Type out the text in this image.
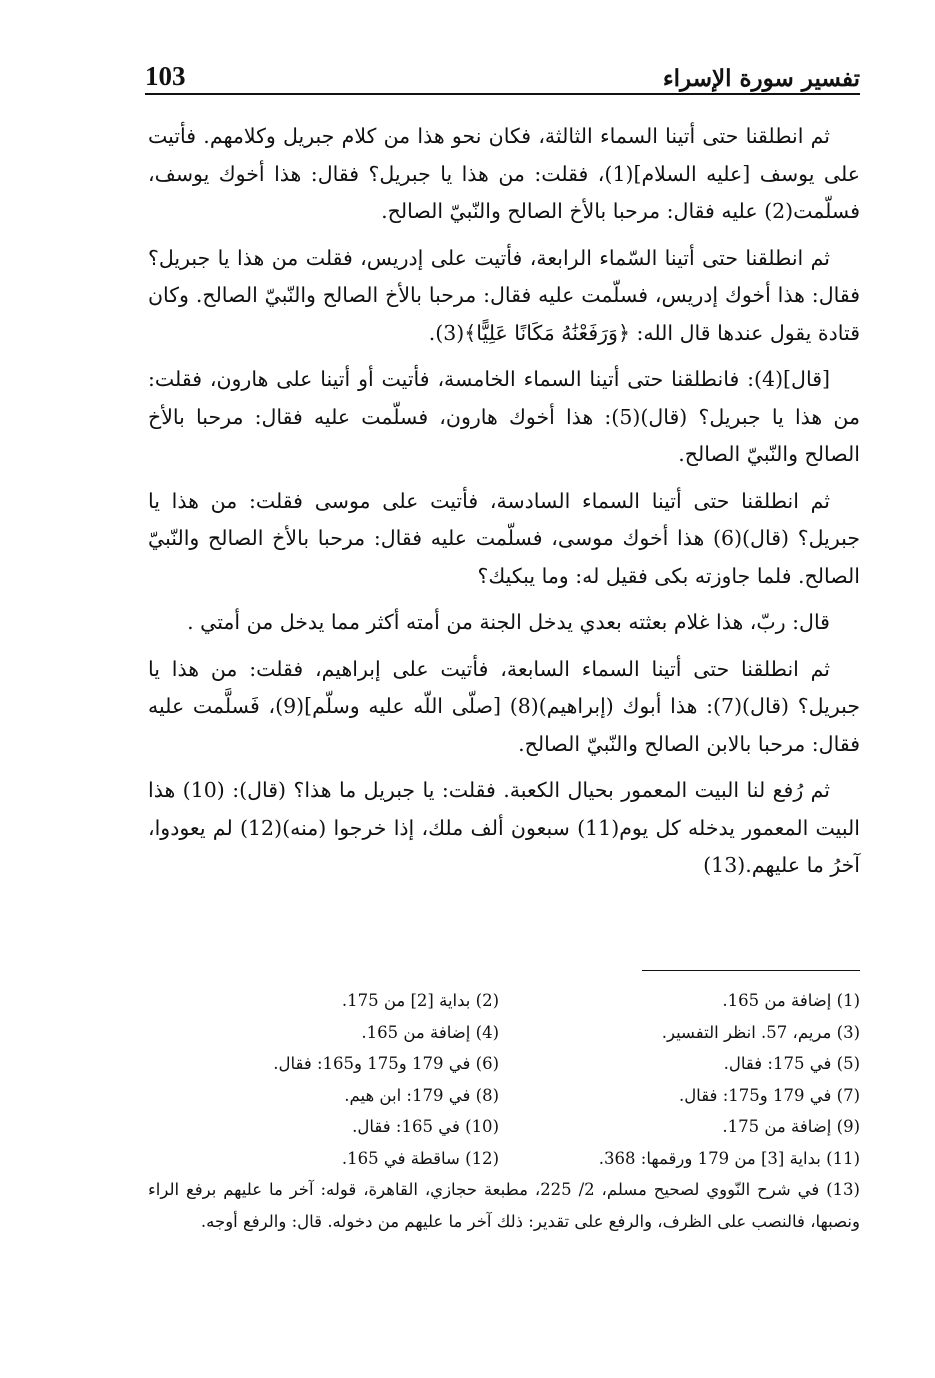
103	تفسير سورة الإسراء

ثم انطلقنا حتى أتينا السماء الثالثة، فكان نحو هذا من كلام جبريل وكلامهم. فأتيت على يوسف [عليه السلام](1)، فقلت: من هذا يا جبريل؟ فقال: هذا أخوك يوسف، فسلّمت(2) عليه فقال: مرحبا بالأخ الصالح والنّبيّ الصالح.

ثم انطلقنا حتى أتينا السّماء الرابعة، فأتيت على إدريس، فقلت من هذا يا جبريل؟ فقال: هذا أخوك إدريس، فسلّمت عليه فقال: مرحبا بالأخ الصالح والنّبيّ الصالح. وكان قتادة يقول عندها قال الله: ﴿وَرَفَعْنَٰهُ مَكَانًا عَلِيًّا﴾(3).

[قال](4): فانطلقنا حتى أتينا السماء الخامسة، فأتيت أو أتينا على هارون، فقلت: من هذا يا جبريل؟ (قال)(5): هذا أخوك هارون، فسلّمت عليه فقال: مرحبا بالأخ الصالح والنّبيّ الصالح.

ثم انطلقنا حتى أتينا السماء السادسة، فأتيت على موسى فقلت: من هذا يا جبريل؟ (قال)(6) هذا أخوك موسى، فسلّمت عليه فقال: مرحبا بالأخ الصالح والنّبيّ الصالح. فلما جاوزته بكى فقيل له: وما يبكيك؟

قال: ربّ، هذا غلام بعثته بعدي يدخل الجنة من أمته أكثر مما يدخل من أمتي .

ثم انطلقنا حتى أتينا السماء السابعة، فأتيت على إبراهيم، فقلت: من هذا يا جبريل؟ (قال)(7): هذا أبوك (إبراهيم)(8) [صلّى اللّه عليه وسلّم](9)، فَسلَّمت عليه فقال: مرحبا بالابن الصالح والنّبيّ الصالح.

ثم رُفع لنا البيت المعمور بحيال الكعبة. فقلت: يا جبريل ما هذا؟ (قال): (10) هذا البيت المعمور يدخله كل يوم(11) سبعون ألف ملك، إذا خرجوا (منه)(12) لم يعودوا، آخرُ ما عليهم.(13)

(1) إضافة من 165.
(2) بداية [2] من 175.
(3) مريم، 57. انظر التفسير.
(4) إضافة من 165.
(5) في 175: فقال.
(6) في 179 و175 و165: فقال.
(7) في 179 و175: فقال.
(8) في 179: ابن هيم.
(9) إضافة من 175.
(10) في 165: فقال.
(11) بداية [3] من 179 ورقمها: 368.
(12) ساقطة في 165.
(13) في شرح النّووي لصحيح مسلم، 2/ 225، مطبعة حجازي، القاهرة، قوله: آخر ما عليهم برفع الراء ونصبها، فالنصب على الظرف، والرفع على تقدير: ذلك آخر ما عليهم من دخوله. قال: والرفع أوجه.
